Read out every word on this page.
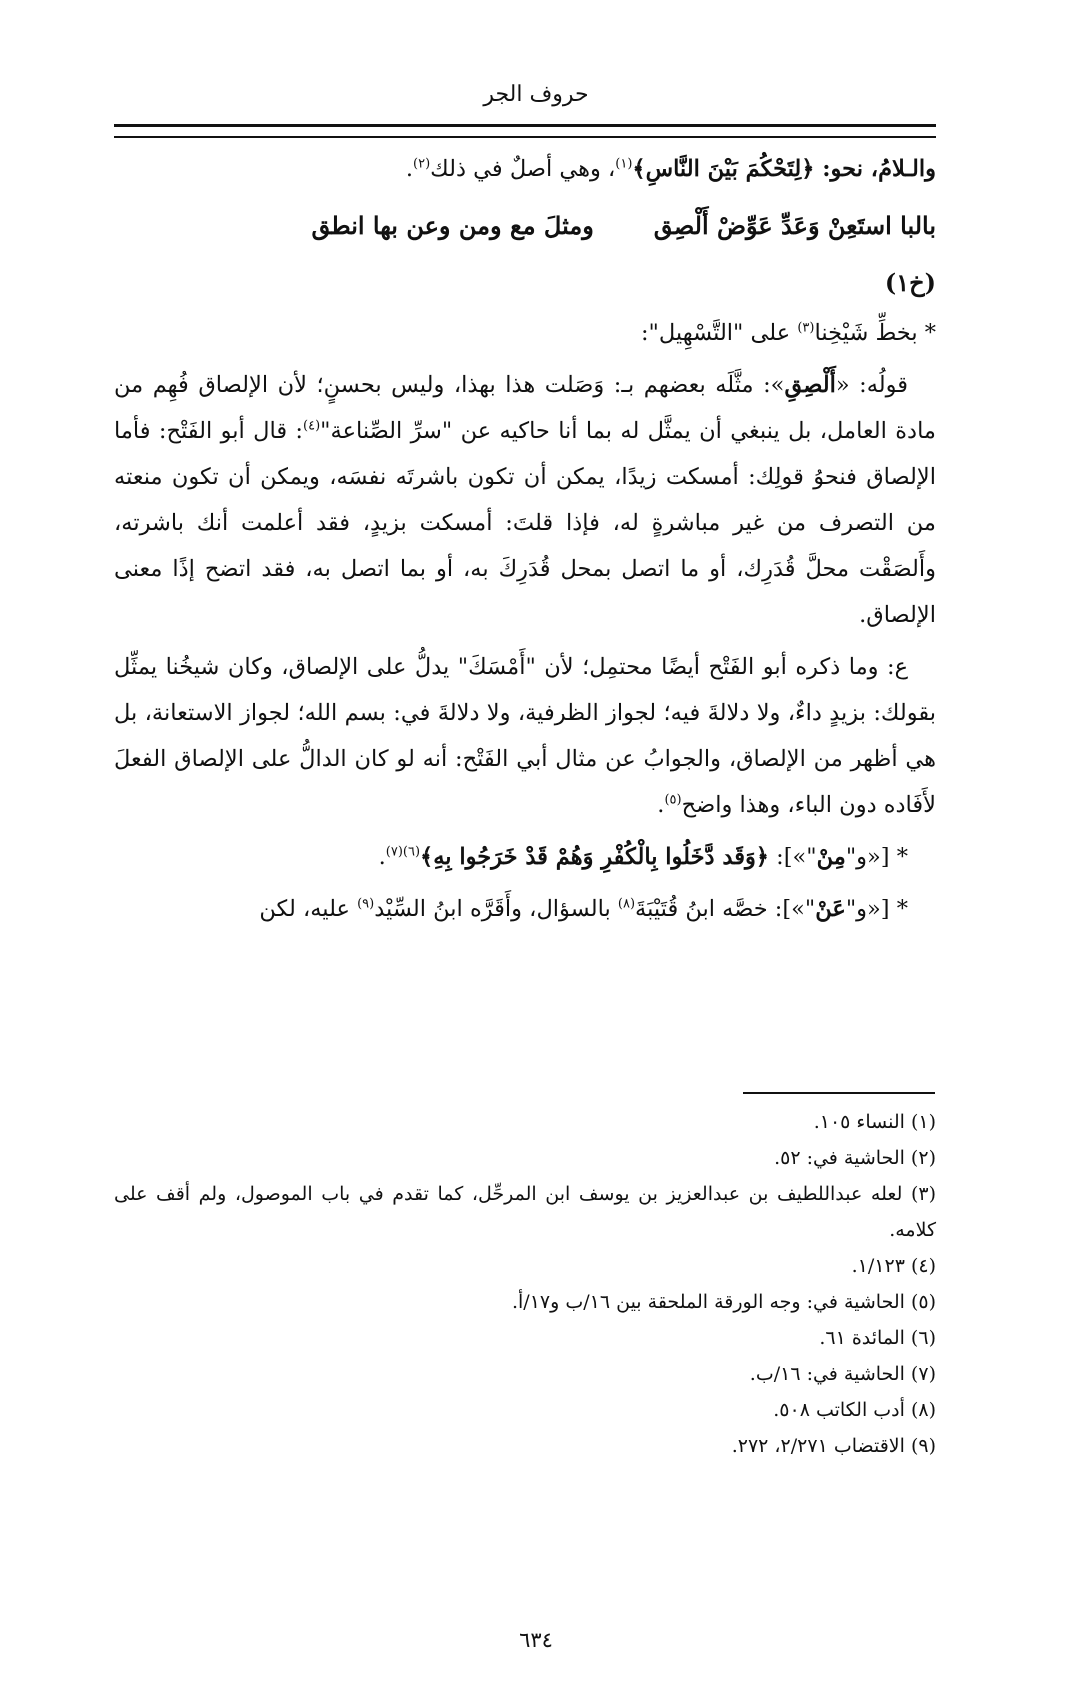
حروف الجر

والـلامُ، نحو: ﴿لِتَحْكُمَ بَيْنَ النَّاسِ﴾$^{(١)}$، وهي أصلٌ في ذلك$^{(٢)}$.

بالبا استَعِنْ وَعَدِّ عَوِّضْ أَلْصِقومثلَ مع ومن وعن بها انطق

(خ١)

* بخطِّ شَيْخِنا$^{(٣)}$ على "التَّسْهِيل":

قولُه: «أَلْصِقِ»: مثَّلَه بعضهم بـ: وَصَلت هذا بهذا، وليس بحسنٍ؛ لأن الإلصاق فُهِم من مادة العامل، بل ينبغي أن يمثَّل له بما أنا حاكيه عن "سرِّ الصِّناعة"$^{(٤)}$: قال أبو الفَتْح: فأما الإلصاق فنحوُ قولِك: أمسكت زيدًا، يمكن أن تكون باشرتَه نفسَه، ويمكن أن تكون منعته من التصرف من غير مباشرةٍ له، فإذا قلتَ: أمسكت بزيدٍ، فقد أعلمت أنك باشرته، وأَلصَقْت محلَّ قُدَرِك، أو ما اتصل بمحل قُدَرِكَ به، أو بما اتصل به، فقد اتضح إذًا معنى الإلصاق.

ع: وما ذكره أبو الفَتْح أيضًا محتمِل؛ لأن "أَمْسَكَ" يدلُّ على الإلصاق، وكان شيخُنا يمثِّل بقولك: بزيدٍ داءٌ، ولا دلالةَ فيه؛ لجواز الظرفية، ولا دلالةَ في: بسم الله؛ لجواز الاستعانة، بل هي أظهر من الإلصاق، والجوابُ عن مثال أبي الفَتْح: أنه لو كان الدالُّ على الإلصاق الفعلَ لأَفَاده دون الباء، وهذا واضح$^{(٥)}$.

* [«و"مِنْ"»]: ﴿وَقَد دَّخَلُوا بِالْكُفْرِ وَهُمْ قَدْ خَرَجُوا بِهِ﴾$^{(٦)(٧)}$.

* [«و"عَنْ"»]: خصَّه ابنُ قُتَيْبَةَ$^{(٨)}$ بالسؤال، وأَقَرَّه ابنُ السِّيْد$^{(٩)}$ عليه، لكن

(١) النساء ١٠٥.

(٢) الحاشية في: ٥٢.

(٣) لعله عبداللطيف بن عبدالعزيز بن يوسف ابن المرحِّل، كما تقدم في باب الموصول، ولم أقف على كلامه.

(٤) ١/١٢٣.

(٥) الحاشية في: وجه الورقة الملحقة بين ١٦/ب و١٧/أ.

(٦) المائدة ٦١.

(٧) الحاشية في: ١٦/ب.

(٨) أدب الكاتب ٥٠٨.

(٩) الاقتضاب ٢/٢٧١، ٢٧٢.

٦٣٤
